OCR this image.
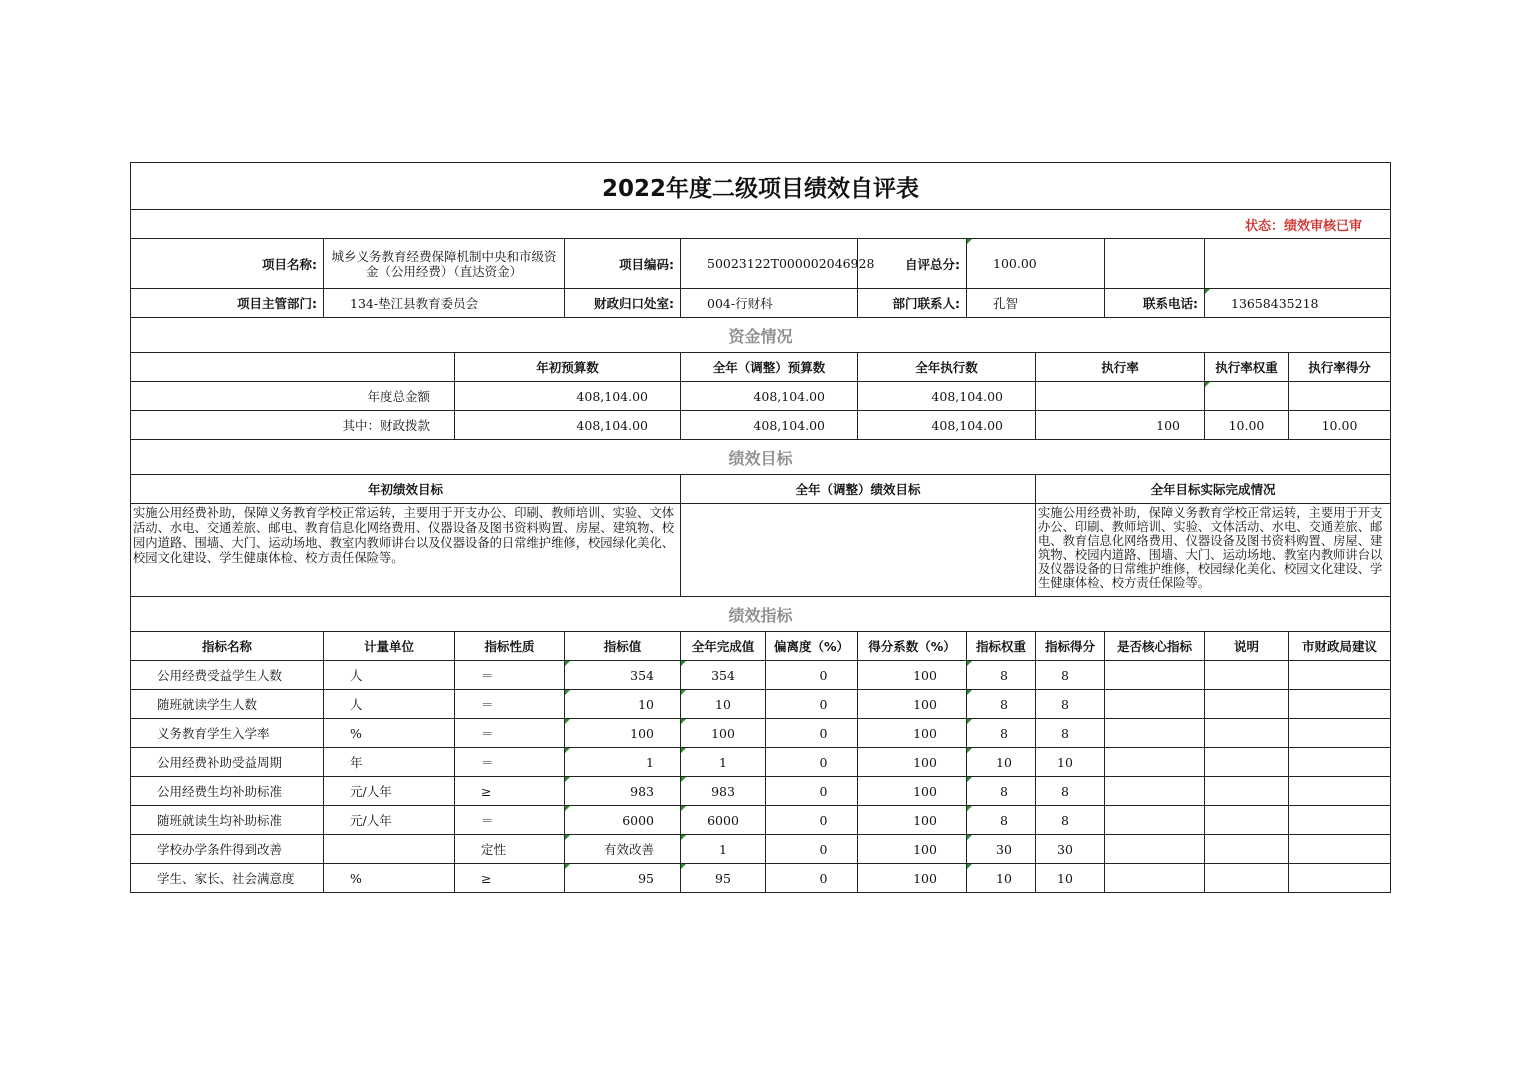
2022年度二级项目绩效自评表											
状态：绩效审核已审											
项目名称:	城乡义务教育经费保障机制中央和市级资金（公用经费）（直达资金）		项目编码:	50023122T000002046928		自评总分:	100.00				
项目主管部门:	134-垫江县教育委员会		财政归口处室:	004-行财科		部门联系人:	孔智		联系电话:	13658435218	
资金情况											
		年初预算数		全年（调整）预算数		全年执行数		执行率		执行率权重	执行率得分
年度总金额		408,104.00		408,104.00		408,104.00					
其中：财政拨款		408,104.00		408,104.00		408,104.00		100		10.00	10.00
绩效目标											
年初绩效目标				全年（调整）绩效目标				全年目标实际完成情况			
实施公用经费补助，保障义务教育学校正常运转，主要用于开支办公、印刷、教师培训、实验、文体活动、水电、交通差旅、邮电、教育信息化网络费用、仪器设备及图书资料购置、房屋、建筑物、校园内道路、围墙、大门、运动场地、教室内教师讲台以及仪器设备的日常维护维修，校园绿化美化、校园文化建设、学生健康体检、校方责任保险等。								实施公用经费补助，保障义务教育学校正常运转，主要用于开支办公、印刷、教师培训、实验、文体活动、水电、交通差旅、邮电、教育信息化网络费用、仪器设备及图书资料购置、房屋、建筑物、校园内道路、围墙、大门、运动场地、教室内教师讲台以及仪器设备的日常维护维修，校园绿化美化、校园文化建设、学生健康体检、校方责任保险等。			
绩效指标											
指标名称	计量单位	指标性质	指标值	全年完成值	偏离度（%）	得分系数（%）	指标权重	指标得分	是否核心指标	说明	市财政局建议
公用经费受益学生人数	人	＝	354	354	0	100	8	8			
随班就读学生人数	人	＝	10	10	0	100	8	8			
义务教育学生入学率	%	＝	100	100	0	100	8	8			
公用经费补助受益周期	年	＝	1	1	0	100	10	10			
公用经费生均补助标准	元/人年	≥	983	983	0	100	8	8			
随班就读生均补助标准	元/人年	＝	6000	6000	0	100	8	8			
学校办学条件得到改善		定性	有效改善	1	0	100	30	30			
学生、家长、社会满意度	%	≥	95	95	0	100	10	10			
